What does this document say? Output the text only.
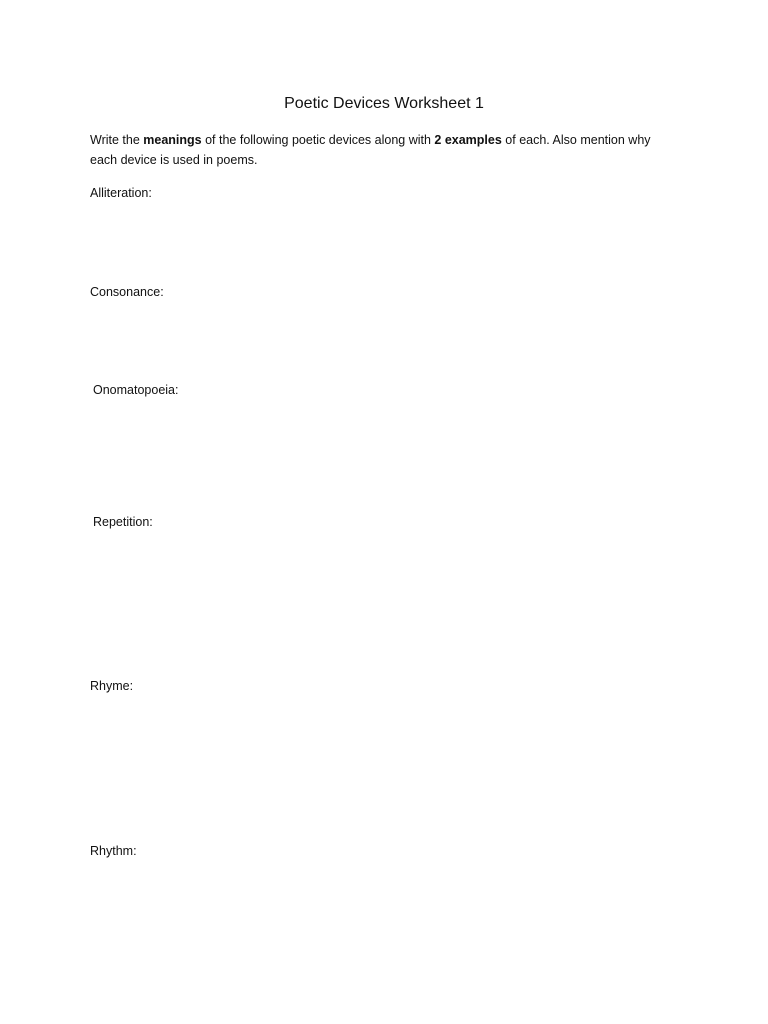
Poetic Devices Worksheet 1

Write the meanings of the following poetic devices along with 2 examples of each. Also mention why each device is used in poems.

Alliteration:

Consonance:

Onomatopoeia:

Repetition:

Rhyme:

Rhythm:
